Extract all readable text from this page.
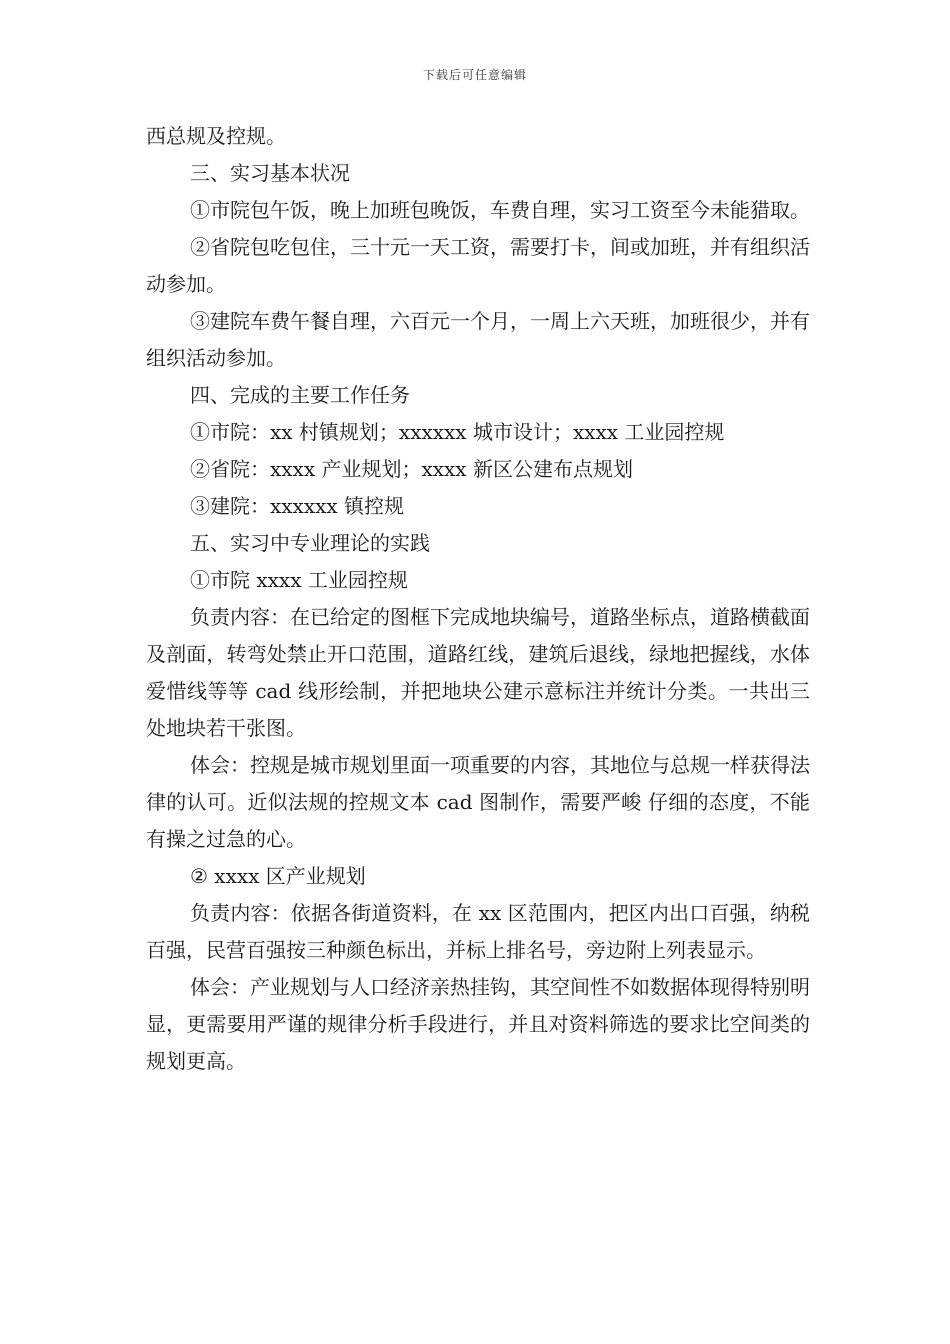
下载后可任意编辑

西总规及控规。

三、实习基本状况

①市院包午饭，晚上加班包晚饭，车费自理，实习工资至今未能猎取。

②省院包吃包住，三十元一天工资，需要打卡，间或加班，并有组织活动参加。

③建院车费午餐自理，六百元一个月，一周上六天班，加班很少，并有组织活动参加。

四、完成的主要工作任务

①市院：xx 村镇规划；xxxxxx 城市设计；xxxx 工业园控规

②省院：xxxx 产业规划；xxxx 新区公建布点规划

③建院：xxxxxx 镇控规

五、实习中专业理论的实践

①市院 xxxx 工业园控规

负责内容：在已给定的图框下完成地块编号，道路坐标点，道路横截面及剖面，转弯处禁止开口范围，道路红线，建筑后退线，绿地把握线，水体爱惜线等等 cad 线形绘制，并把地块公建示意标注并统计分类。一共出三处地块若干张图。

体会：控规是城市规划里面一项重要的内容，其地位与总规一样获得法律的认可。近似法规的控规文本 cad 图制作，需要严峻 仔细的态度，不能有操之过急的心。

② xxxx 区产业规划

负责内容：依据各街道资料，在 xx 区范围内，把区内出口百强，纳税百强，民营百强按三种颜色标出，并标上排名号，旁边附上列表显示。

体会：产业规划与人口经济亲热挂钩，其空间性不如数据体现得特别明显，更需要用严谨的规律分析手段进行，并且对资料筛选的要求比空间类的规划更高。
